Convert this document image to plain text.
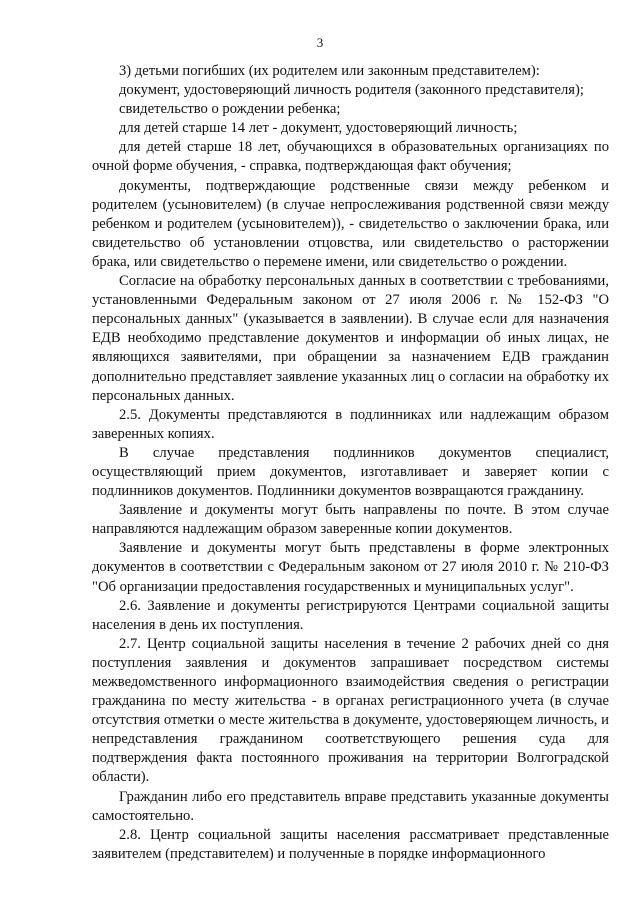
3

3) детьми погибших (их родителем или законным представителем):

документ, удостоверяющий личность родителя (законного представителя);

свидетельство о рождении ребенка;

для детей старше 14 лет - документ, удостоверяющий личность;

для детей старше 18 лет, обучающихся в образовательных организациях по очной форме обучения, - справка, подтверждающая факт обучения;

документы, подтверждающие родственные связи между ребенком и родителем (усыновителем) (в случае непрослеживания родственной связи между ребенком и родителем (усыновителем)), - свидетельство о заключении брака, или свидетельство об установлении отцовства, или свидетельство о расторжении брака, или свидетельство о перемене имени, или свидетельство о рождении.

Согласие на обработку персональных данных в соответствии с требованиями, установленными Федеральным законом от 27 июля 2006 г. № 152-ФЗ "О персональных данных" (указывается в заявлении). В случае если для назначения ЕДВ необходимо представление документов и информации об иных лицах, не являющихся заявителями, при обращении за назначением ЕДВ гражданин дополнительно представляет заявление указанных лиц о согласии на обработку их персональных данных.

2.5. Документы представляются в подлинниках или надлежащим образом заверенных копиях.

В случае представления подлинников документов специалист, осуществляющий прием документов, изготавливает и заверяет копии с подлинников документов. Подлинники документов возвращаются гражданину.

Заявление и документы могут быть направлены по почте. В этом случае направляются надлежащим образом заверенные копии документов.

Заявление и документы могут быть представлены в форме электронных документов в соответствии с Федеральным законом от 27 июля 2010 г. № 210-ФЗ "Об организации предоставления государственных и муниципальных услуг".

2.6. Заявление и документы регистрируются Центрами социальной защиты населения в день их поступления.

2.7. Центр социальной защиты населения в течение 2 рабочих дней со дня поступления заявления и документов запрашивает посредством системы межведомственного информационного взаимодействия сведения о регистрации гражданина по месту жительства - в органах регистрационного учета (в случае отсутствия отметки о месте жительства в документе, удостоверяющем личность, и непредставления гражданином соответствующего решения суда для подтверждения факта постоянного проживания на территории Волгоградской области).

Гражданин либо его представитель вправе представить указанные документы самостоятельно.

2.8. Центр социальной защиты населения рассматривает представленные заявителем (представителем) и полученные в порядке информационного
